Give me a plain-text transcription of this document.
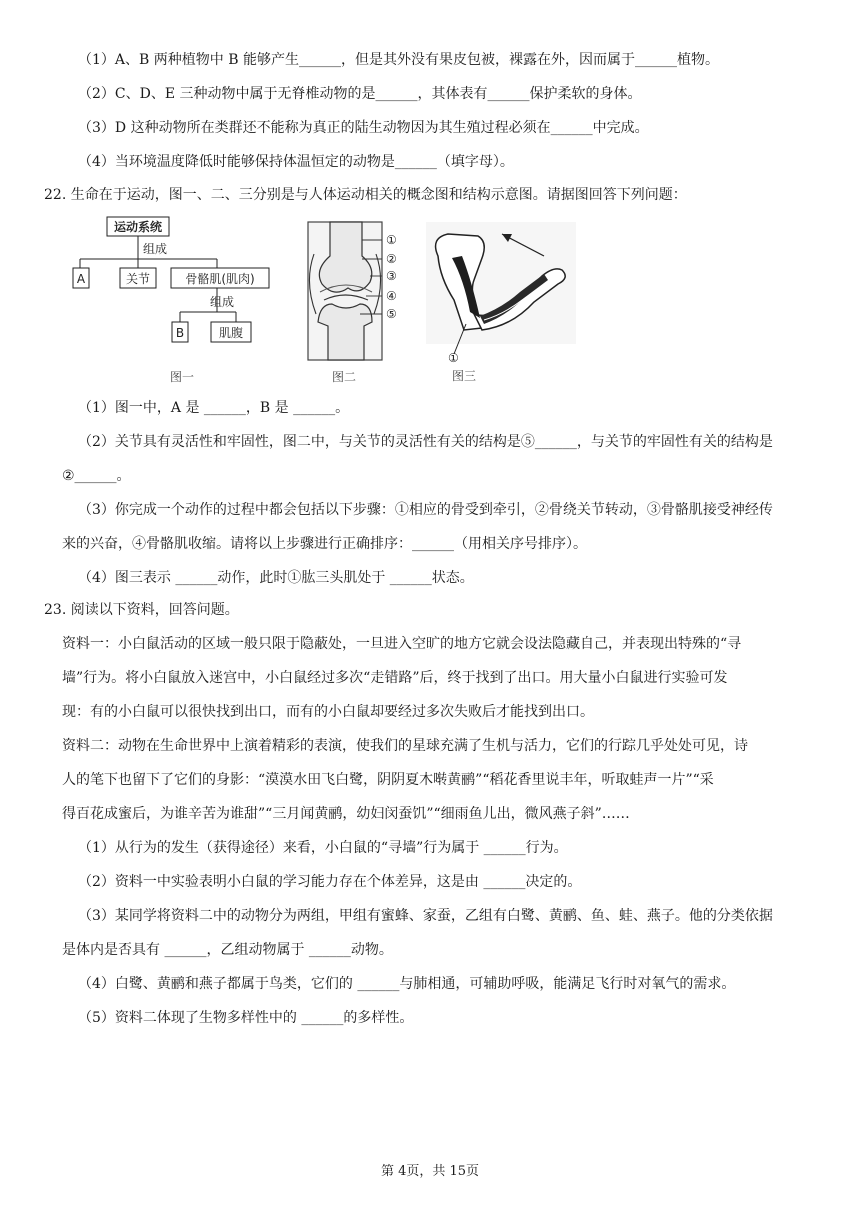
（1）A、B 两种植物中 B 能够产生______，但是其外没有果皮包被，裸露在外，因而属于______植物。
（2）C、D、E 三种动物中属于无脊椎动物的是______，其体表有______保护柔软的身体。
（3）D 这种动物所在类群还不能称为真正的陆生动物因为其生殖过程必须在______中完成。
（4）当环境温度降低时能够保持体温恒定的动物是______（填字母）。
22. 生命在于运动，图一、二、三分别是与人体运动相关的概念图和结构示意图。请据图回答下列问题：
运动系统
组成
A	关节	骨骼肌(肌肉)
组成
B	肌腹
图一
①
②
③
④
⑤
图二
①
图三
（1）图一中，A 是 ______，B 是 ______。
（2）关节具有灵活性和牢固性，图二中，与关节的灵活性有关的结构是⑤______，与关节的牢固性有关的结构是
②______。
（3）你完成一个动作的过程中都会包括以下步骤：①相应的骨受到牵引，②骨绕关节转动，③骨骼肌接受神经传
来的兴奋，④骨骼肌收缩。请将以上步骤进行正确排序：______（用相关序号排序）。
（4）图三表示 ______动作，此时①肱三头肌处于 ______状态。
23. 阅读以下资料，回答问题。
资料一：小白鼠活动的区域一般只限于隐蔽处，一旦进入空旷的地方它就会设法隐藏自己，并表现出特殊的“寻
墙”行为。将小白鼠放入迷宫中，小白鼠经过多次“走错路”后，终于找到了出口。用大量小白鼠进行实验可发
现：有的小白鼠可以很快找到出口，而有的小白鼠却要经过多次失败后才能找到出口。
资料二：动物在生命世界中上演着精彩的表演，使我们的星球充满了生机与活力，它们的行踪几乎处处可见，诗
人的笔下也留下了它们的身影：“漠漠水田飞白鹭，阴阴夏木啭黄鹂”“稻花香里说丰年，听取蛙声一片”“采
得百花成蜜后，为谁辛苦为谁甜”“三月闻黄鹂，幼妇闵蚕饥”“细雨鱼儿出，微风燕子斜”……
（1）从行为的发生（获得途径）来看，小白鼠的“寻墙”行为属于 ______行为。
（2）资料一中实验表明小白鼠的学习能力存在个体差异，这是由 ______决定的。
（3）某同学将资料二中的动物分为两组，甲组有蜜蜂、家蚕，乙组有白鹭、黄鹂、鱼、蛙、燕子。他的分类依据
是体内是否具有 ______，乙组动物属于 ______动物。
（4）白鹭、黄鹂和燕子都属于鸟类，它们的 ______与肺相通，可辅助呼吸，能满足飞行时对氧气的需求。
（5）资料二体现了生物多样性中的 ______的多样性。
第 4页，共 15页
